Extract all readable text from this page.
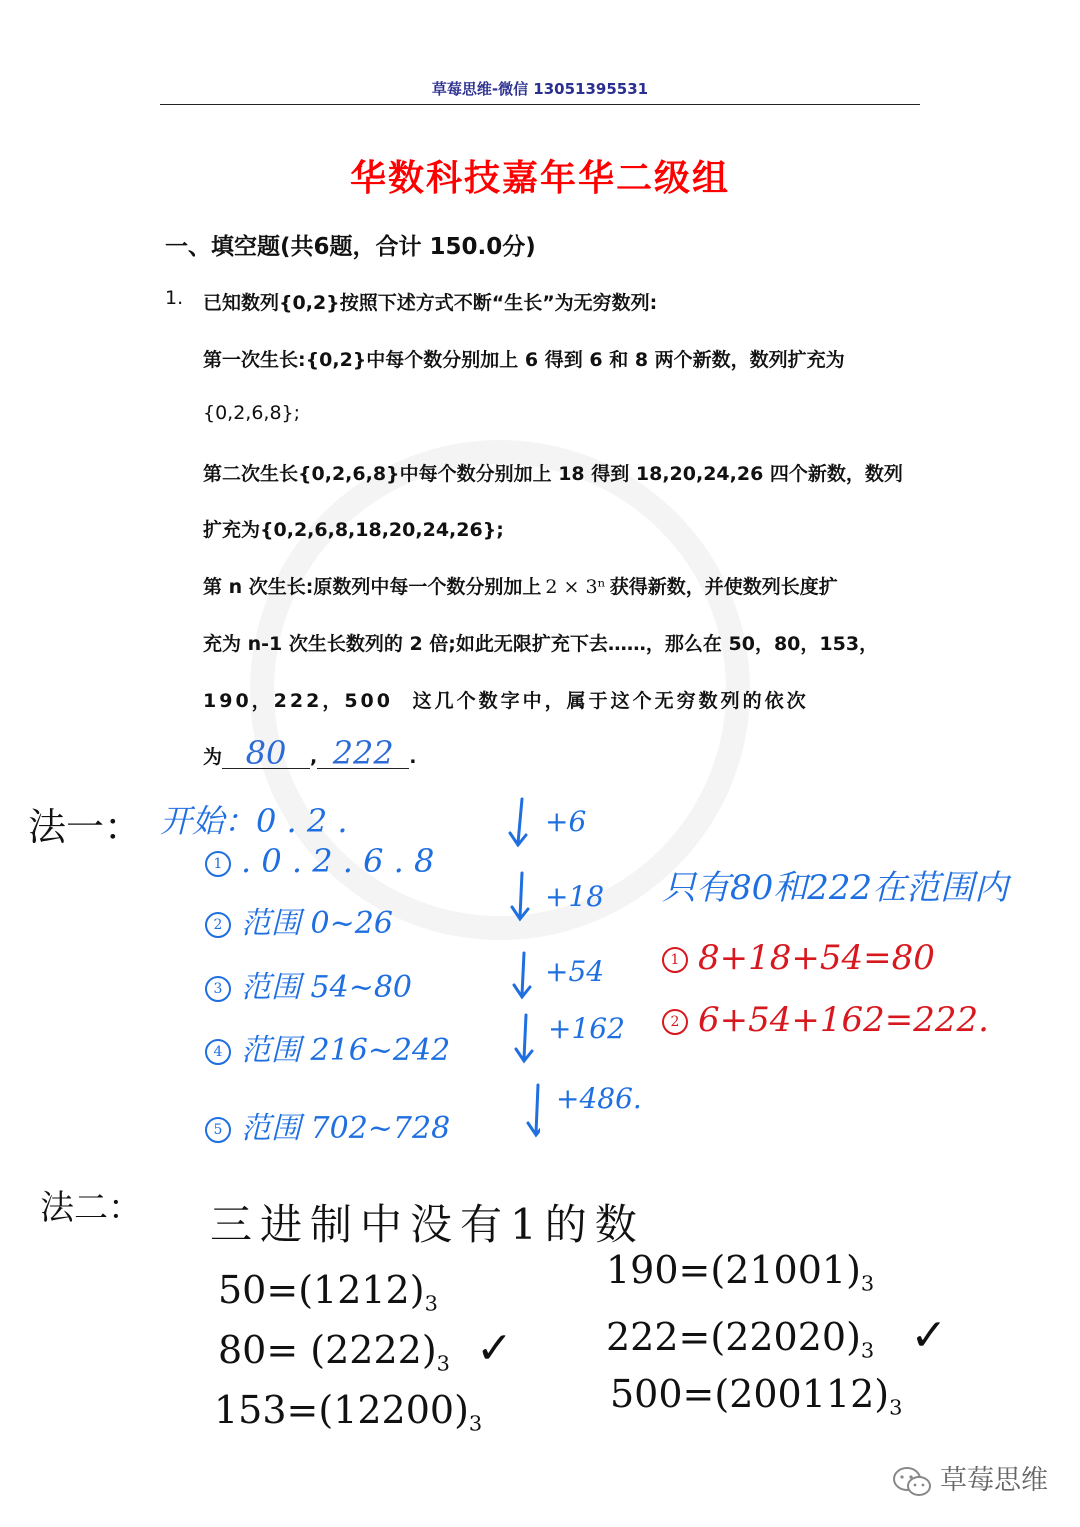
草莓思维-微信 13051395531
华数科技嘉年华二级组
一、填空题(共6题，合计 150.0分)
1. 已知数列{0,2}按照下述方式不断“生长”为无穷数列:
第一次生长:{0,2}中每个数分别加上 6 得到 6 和 8 两个新数，数列扩充为
{0,2,6,8};
第二次生长{0,2,6,8}中每个数分别加上 18 得到 18,20,24,26 四个新数，数列
扩充为{0,2,6,8,18,20,24,26};
第 n 次生长:原数列中每一个数分别加上 2 × 3ⁿ 获得新数，并使数列长度扩
充为 n-1 次生长数列的 2 倍;如此无限扩充下去……，那么在 50，80，153，
190，222，500 这几个数字中，属于这个无穷数列的依次
为 80	, 222 .
法一： 开始：0 . 2 .
1 . 0 . 2 . 6 . 8
2 范围 0~26
3 范围 54~80
4 范围 216~242
5 范围 702~728
+6
+18
+54
+162
+486.
只有80和222在范围内
1 8+18+54=80
2 6+54+162=222.
法二： 三进制中没有1的数
50=(1212)3
80= (2222)3 ✓
153=(12200)3
190=(21001)3
222=(22020)3 ✓
500=(200112)3
草莓思维
